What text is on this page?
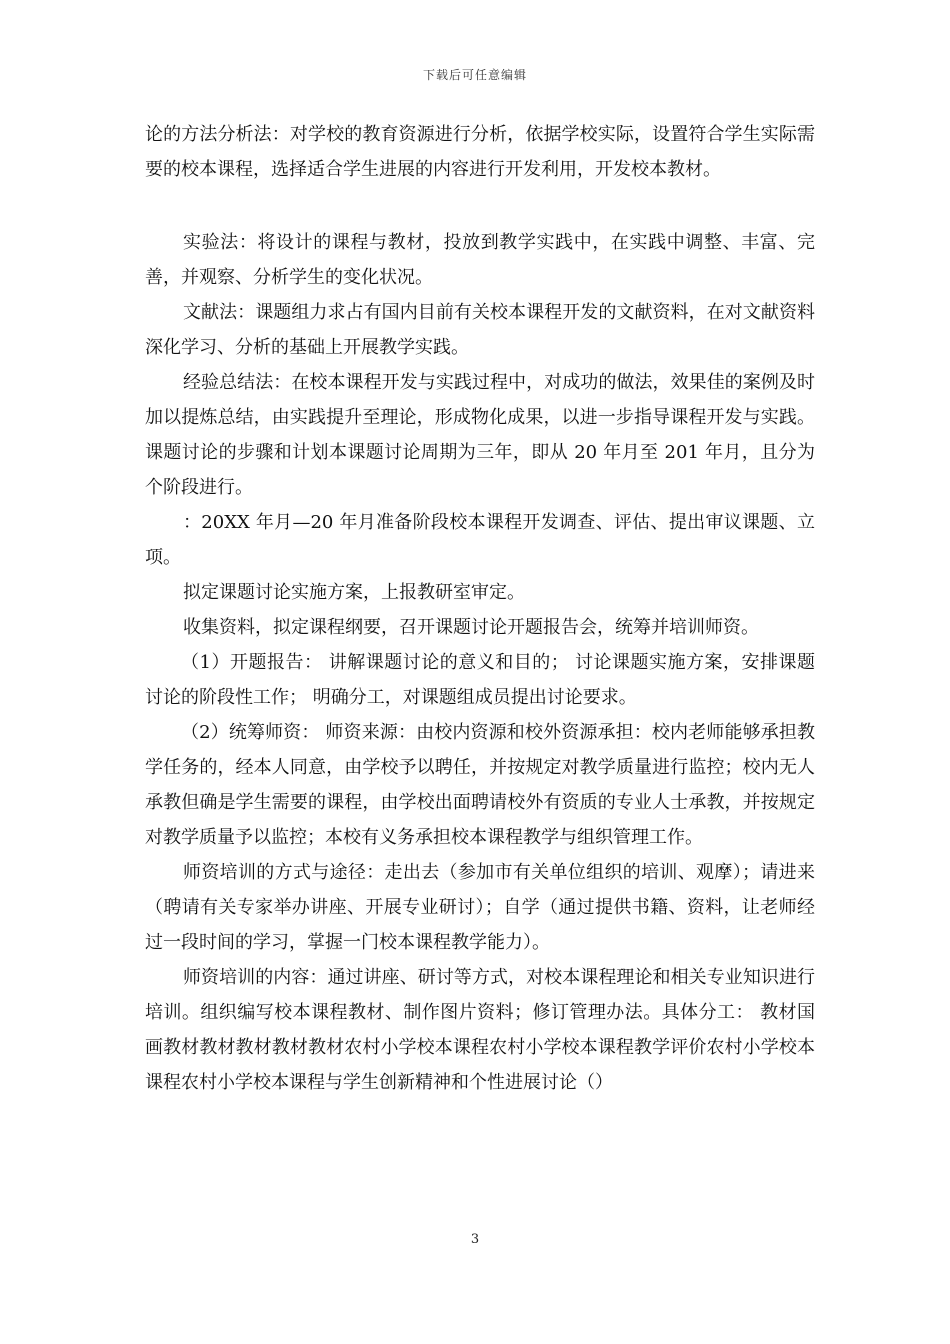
下载后可任意编辑

论的方法分析法：对学校的教育资源进行分析，依据学校实际，设置符合学生实际需要的校本课程，选择适合学生进展的内容进行开发利用，开发校本教材。

实验法：将设计的课程与教材，投放到教学实践中，在实践中调整、丰富、完善，并观察、分析学生的变化状况。

文献法：课题组力求占有国内目前有关校本课程开发的文献资料，在对文献资料深化学习、分析的基础上开展教学实践。

经验总结法：在校本课程开发与实践过程中，对成功的做法，效果佳的案例及时加以提炼总结，由实践提升至理论，形成物化成果，以进一步指导课程开发与实践。课题讨论的步骤和计划本课题讨论周期为三年，即从 20 年月至 201 年月，且分为个阶段进行。

：20XX 年月—20 年月准备阶段校本课程开发调查、评估、提出审议课题、立项。

拟定课题讨论实施方案，上报教研室审定。

收集资料，拟定课程纲要，召开课题讨论开题报告会，统筹并培训师资。

（1）开题报告： 讲解课题讨论的意义和目的； 讨论课题实施方案，安排课题讨论的阶段性工作； 明确分工，对课题组成员提出讨论要求。

（2）统筹师资： 师资来源：由校内资源和校外资源承担：校内老师能够承担教学任务的，经本人同意，由学校予以聘任，并按规定对教学质量进行监控；校内无人承教但确是学生需要的课程，由学校出面聘请校外有资质的专业人士承教，并按规定对教学质量予以监控；本校有义务承担校本课程教学与组织管理工作。

师资培训的方式与途径：走出去（参加市有关单位组织的培训、观摩）；请进来（聘请有关专家举办讲座、开展专业研讨）；自学（通过提供书籍、资料，让老师经过一段时间的学习，掌握一门校本课程教学能力）。

师资培训的内容：通过讲座、研讨等方式，对校本课程理论和相关专业知识进行培训。组织编写校本课程教材、制作图片资料；修订管理办法。具体分工： 教材国画教材教材教材教材教材农村小学校本课程农村小学校本课程教学评价农村小学校本课程农村小学校本课程与学生创新精神和个性进展讨论（）

3
